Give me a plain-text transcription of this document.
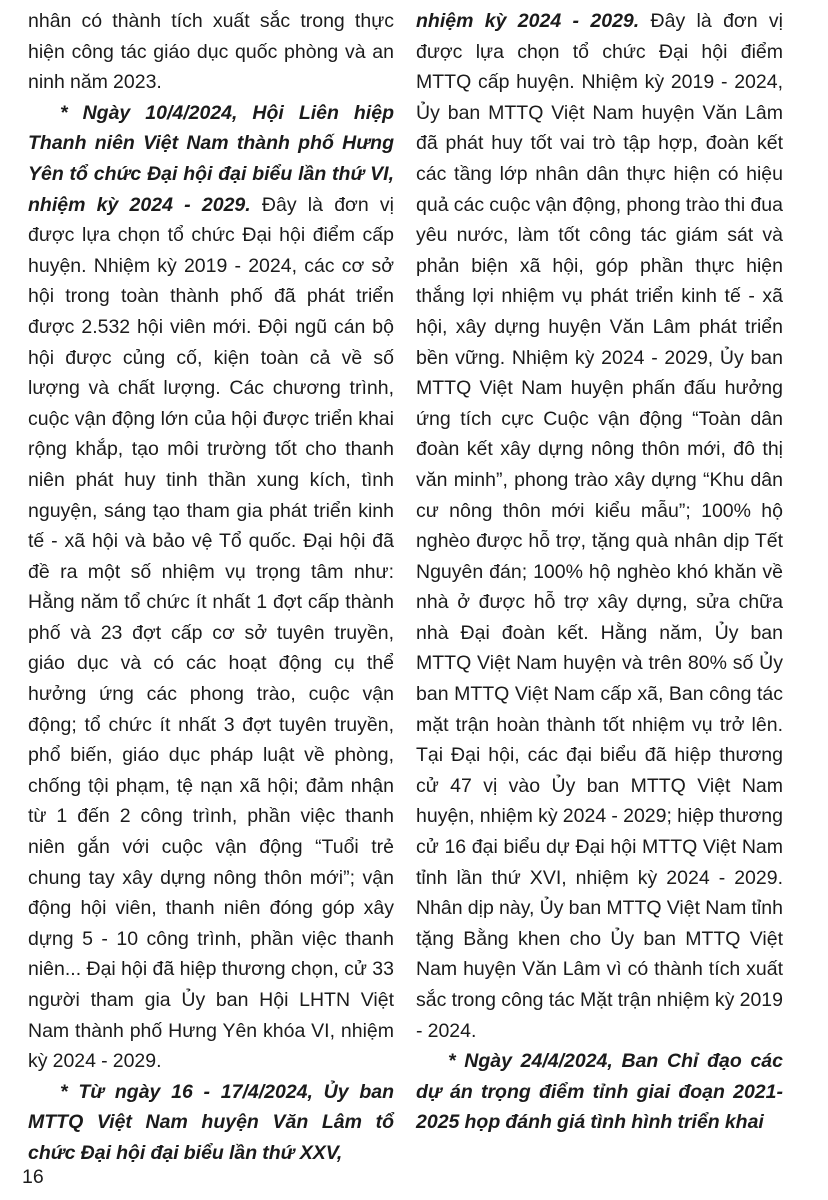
nhân có thành tích xuất sắc trong thực hiện công tác giáo dục quốc phòng và an ninh năm 2023.

* Ngày 10/4/2024, Hội Liên hiệp Thanh niên Việt Nam thành phố Hưng Yên tổ chức Đại hội đại biểu lần thứ VI, nhiệm kỳ 2024 - 2029. Đây là đơn vị được lựa chọn tổ chức Đại hội điểm cấp huyện. Nhiệm kỳ 2019 - 2024, các cơ sở hội trong toàn thành phố đã phát triển được 2.532 hội viên mới. Đội ngũ cán bộ hội được củng cố, kiện toàn cả về số lượng và chất lượng. Các chương trình, cuộc vận động lớn của hội được triển khai rộng khắp, tạo môi trường tốt cho thanh niên phát huy tinh thần xung kích, tình nguyện, sáng tạo tham gia phát triển kinh tế - xã hội và bảo vệ Tổ quốc. Đại hội đã đề ra một số nhiệm vụ trọng tâm như: Hằng năm tổ chức ít nhất 1 đợt cấp thành phố và 23 đợt cấp cơ sở tuyên truyền, giáo dục và có các hoạt động cụ thể hưởng ứng các phong trào, cuộc vận động; tổ chức ít nhất 3 đợt tuyên truyền, phổ biến, giáo dục pháp luật về phòng, chống tội phạm, tệ nạn xã hội; đảm nhận từ 1 đến 2 công trình, phần việc thanh niên gắn với cuộc vận động “Tuổi trẻ chung tay xây dựng nông thôn mới”; vận động hội viên, thanh niên đóng góp xây dựng 5 - 10 công trình, phần việc thanh niên... Đại hội đã hiệp thương chọn, cử 33 người tham gia Ủy ban Hội LHTN Việt Nam thành phố Hưng Yên khóa VI, nhiệm kỳ 2024 - 2029.

* Từ ngày 16 - 17/4/2024, Ủy ban MTTQ Việt Nam huyện Văn Lâm tổ chức Đại hội đại biểu lần thứ XXV,

nhiệm kỳ 2024 - 2029. Đây là đơn vị được lựa chọn tổ chức Đại hội điểm MTTQ cấp huyện. Nhiệm kỳ 2019 - 2024, Ủy ban MTTQ Việt Nam huyện Văn Lâm đã phát huy tốt vai trò tập hợp, đoàn kết các tầng lớp nhân dân thực hiện có hiệu quả các cuộc vận động, phong trào thi đua yêu nước, làm tốt công tác giám sát và phản biện xã hội, góp phần thực hiện thắng lợi nhiệm vụ phát triển kinh tế - xã hội, xây dựng huyện Văn Lâm phát triển bền vững. Nhiệm kỳ 2024 - 2029, Ủy ban MTTQ Việt Nam huyện phấn đấu hưởng ứng tích cực Cuộc vận động “Toàn dân đoàn kết xây dựng nông thôn mới, đô thị văn minh”, phong trào xây dựng “Khu dân cư nông thôn mới kiểu mẫu”; 100% hộ nghèo được hỗ trợ, tặng quà nhân dịp Tết Nguyên đán; 100% hộ nghèo khó khăn về nhà ở được hỗ trợ xây dựng, sửa chữa nhà Đại đoàn kết. Hằng năm, Ủy ban MTTQ Việt Nam huyện và trên 80% số Ủy ban MTTQ Việt Nam cấp xã, Ban công tác mặt trận hoàn thành tốt nhiệm vụ trở lên. Tại Đại hội, các đại biểu đã hiệp thương cử 47 vị vào Ủy ban MTTQ Việt Nam huyện, nhiệm kỳ 2024 - 2029; hiệp thương cử 16 đại biểu dự Đại hội MTTQ Việt Nam tỉnh lần thứ XVI, nhiệm kỳ 2024 - 2029. Nhân dịp này, Ủy ban MTTQ Việt Nam tỉnh tặng Bằng khen cho Ủy ban MTTQ Việt Nam huyện Văn Lâm vì có thành tích xuất sắc trong công tác Mặt trận nhiệm kỳ 2019 - 2024.

* Ngày 24/4/2024, Ban Chỉ đạo các dự án trọng điểm tỉnh giai đoạn 2021-2025 họp đánh giá tình hình triển khai

16
